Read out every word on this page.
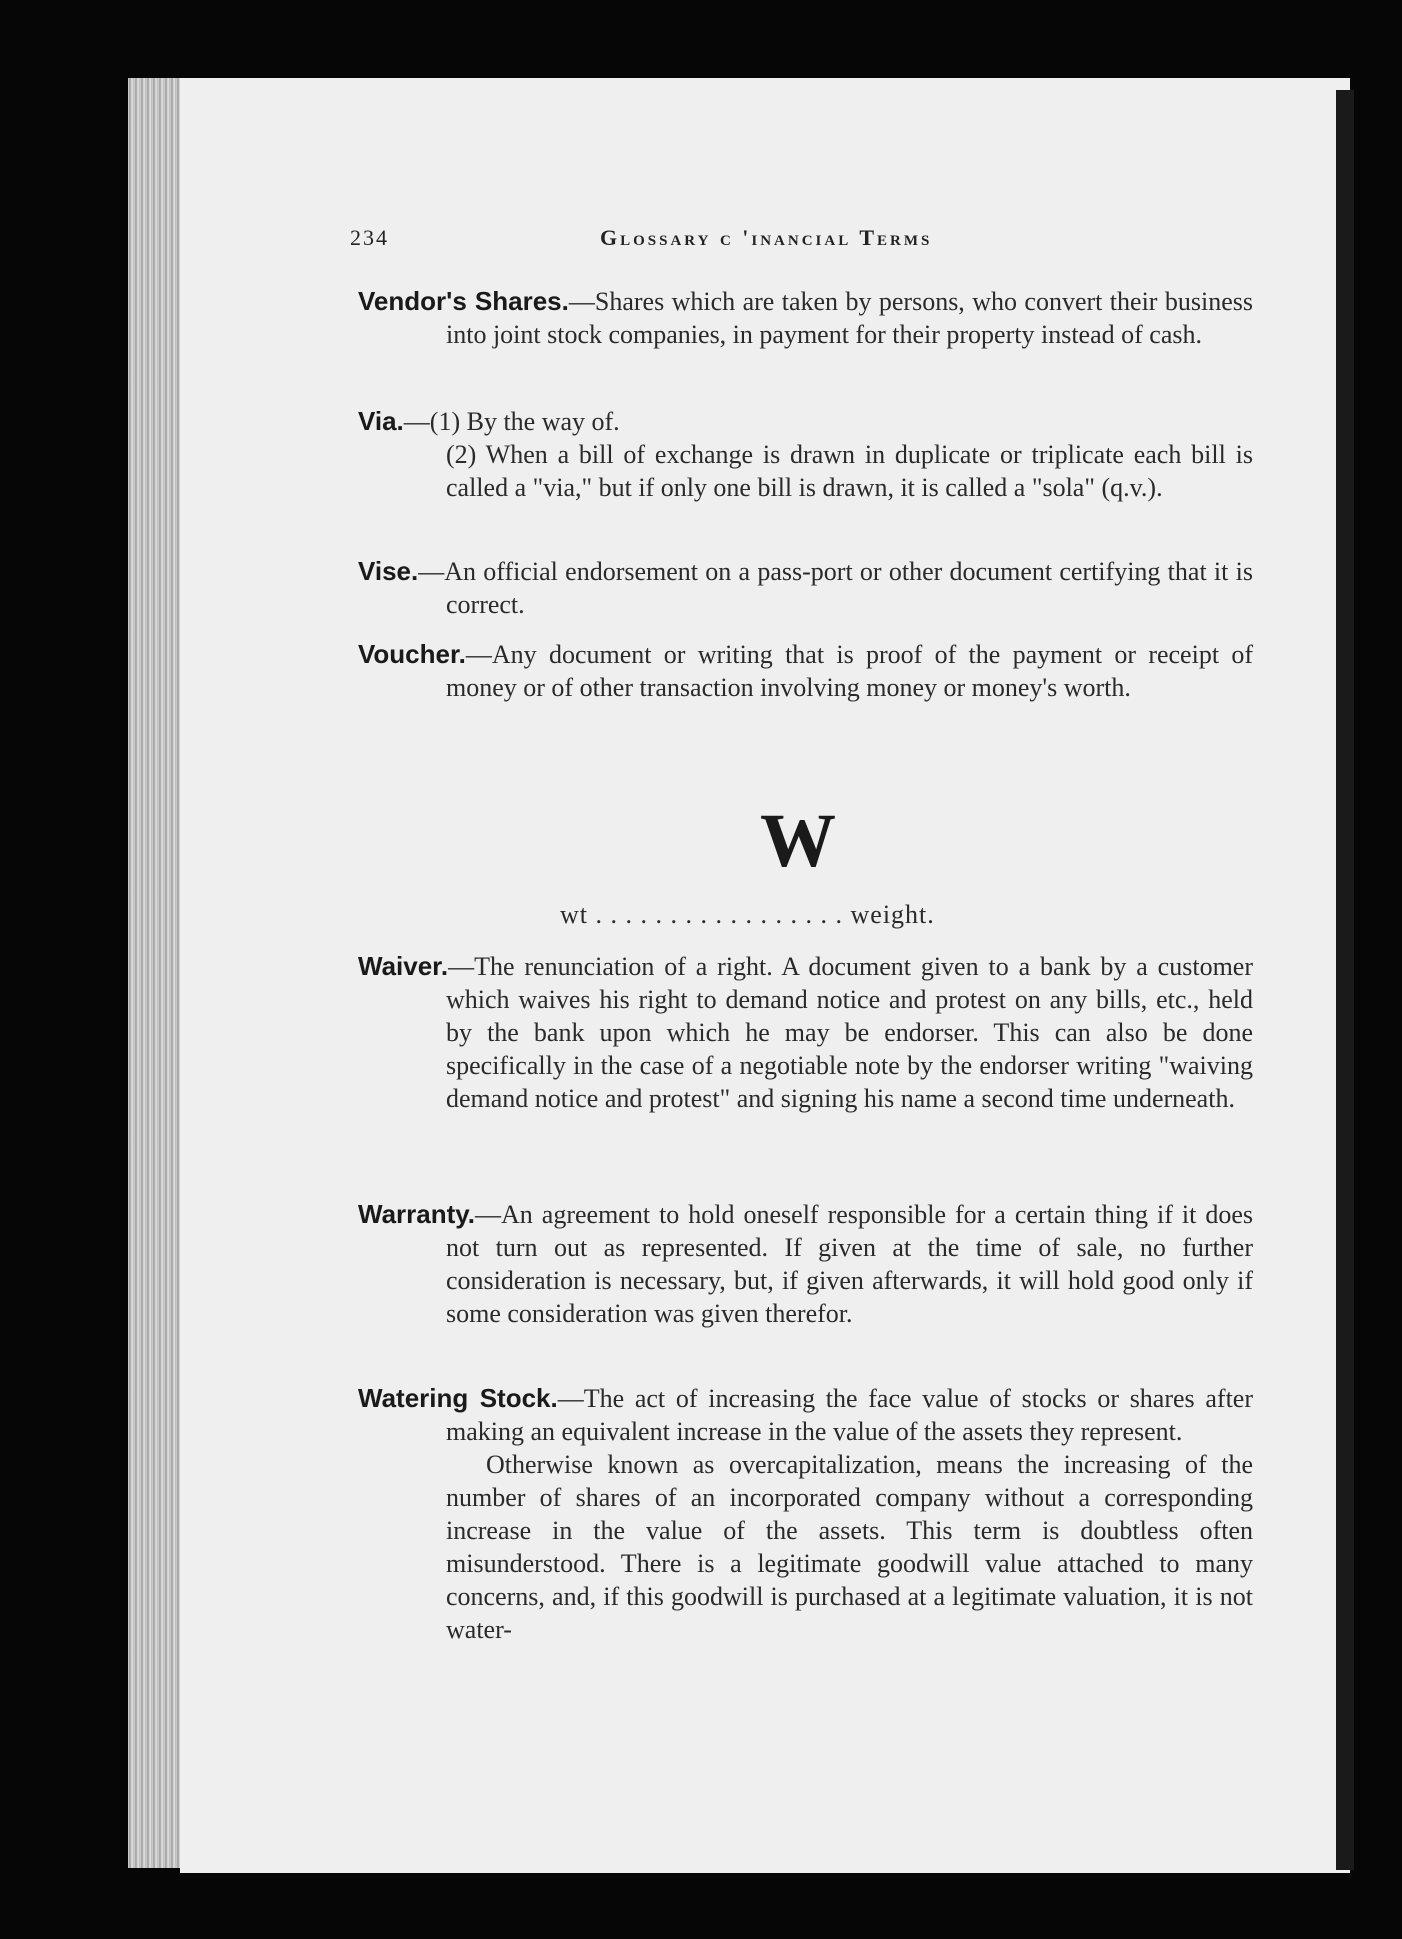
234	Glossary c 'inancial Terms

Vendor's Shares.—Shares which are taken by persons, who convert their business into joint stock companies, in payment for their property instead of cash.

Via.—(1) By the way of.

(2) When a bill of exchange is drawn in duplicate or triplicate each bill is called a "via," but if only one bill is drawn, it is called a "sola" (q.v.).

Vise.—An official endorsement on a pass-port or other document certifying that it is correct.

Voucher.—Any document or writing that is proof of the payment or receipt of money or of other transaction involving money or money's worth.

W
wt . . . . . . . . . . . . . . . . . weight.

Waiver.—The renunciation of a right. A document given to a bank by a customer which waives his right to demand notice and protest on any bills, etc., held by the bank upon which he may be endorser. This can also be done specifically in the case of a negotiable note by the endorser writing "waiving demand notice and protest" and signing his name a second time underneath.

Warranty.—An agreement to hold oneself responsible for a certain thing if it does not turn out as represented. If given at the time of sale, no further consideration is necessary, but, if given afterwards, it will hold good only if some consideration was given therefor.

Watering Stock.—The act of increasing the face value of stocks or shares after making an equivalent increase in the value of the assets they represent.

Otherwise known as overcapitalization, means the increasing of the number of shares of an incorporated company without a corresponding increase in the value of the assets. This term is doubtless often misunderstood. There is a legitimate goodwill value attached to many concerns, and, if this goodwill is purchased at a legitimate valuation, it is not water-
